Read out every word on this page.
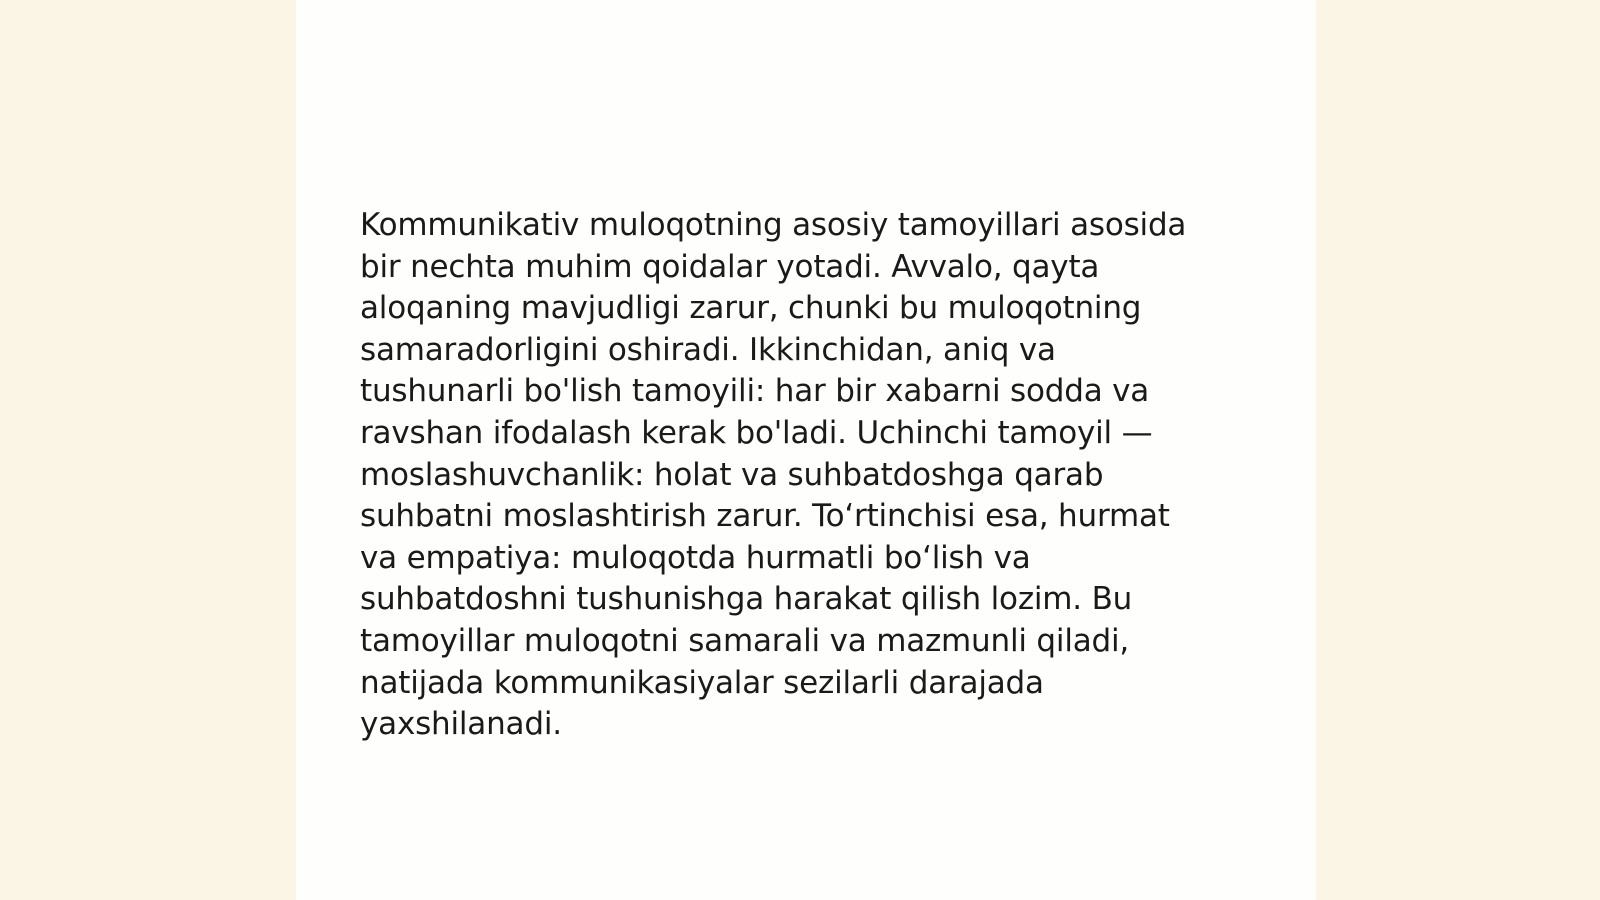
Kommunikativ muloqotning asosiy tamoyillari asosida
bir nechta muhim qoidalar yotadi. Avvalo, qayta
aloqaning mavjudligi zarur, chunki bu muloqotning
samaradorligini oshiradi. Ikkinchidan, aniq va
tushunarli bo'lish tamoyili: har bir xabarni sodda va
ravshan ifodalash kerak bo'ladi. Uchinchi tamoyil —
moslashuvchanlik: holat va suhbatdoshga qarab
suhbatni moslashtirish zarur. To‘rtinchisi esa, hurmat
va empatiya: muloqotda hurmatli bo‘lish va
suhbatdoshni tushunishga harakat qilish lozim. Bu
tamoyillar muloqotni samarali va mazmunli qiladi,
natijada kommunikasiyalar sezilarli darajada
yaxshilanadi.
